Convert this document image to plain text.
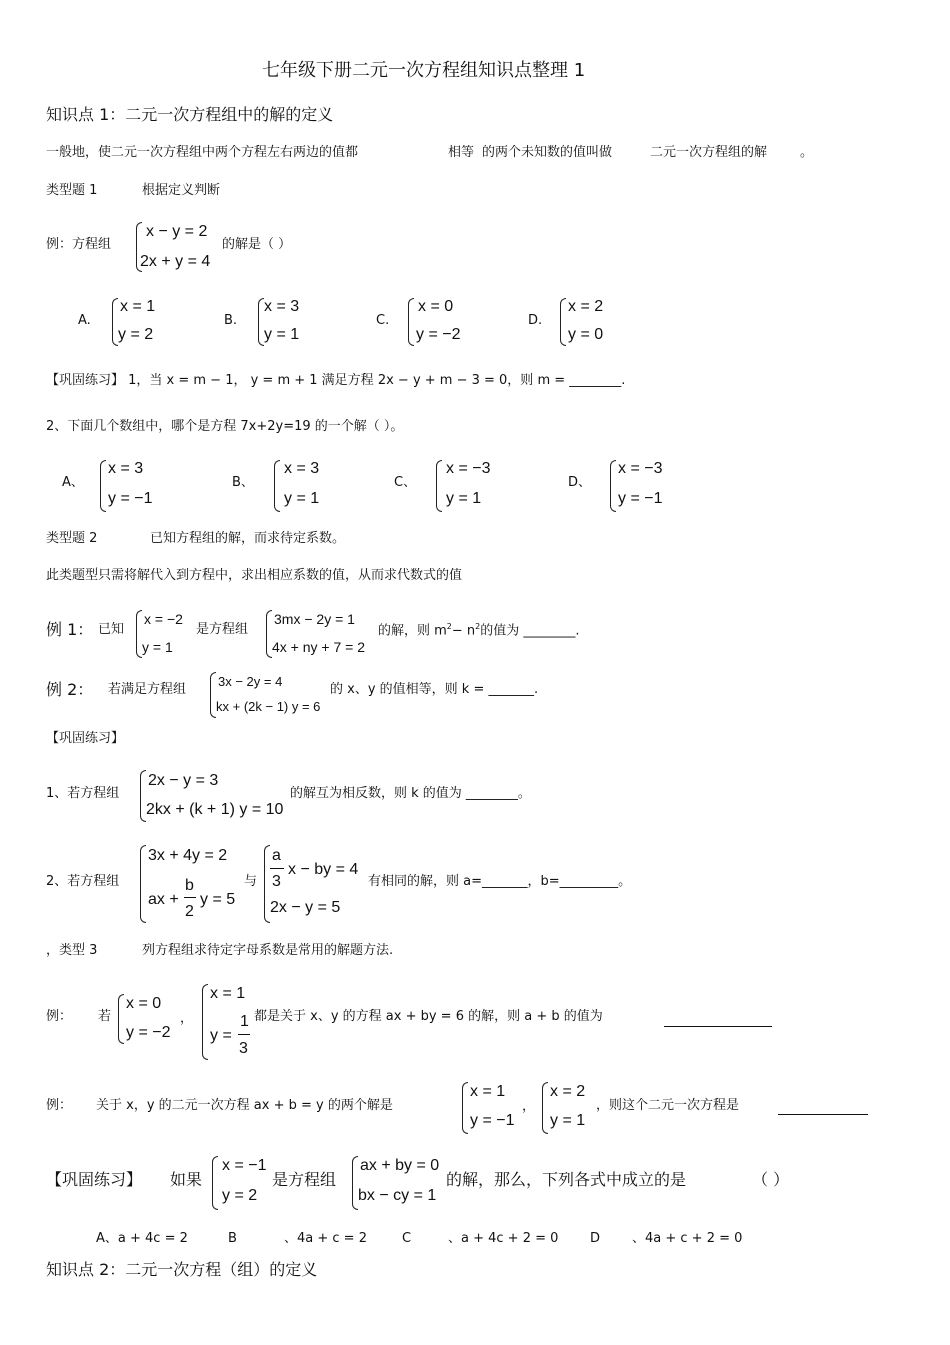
七年级下册二元一次方程组知识点整理 1
知识点 1：二元一次方程组中的解的定义
一般地，使二元一次方程组中两个方程左右两边的值都	相等 的两个未知数的值叫做	二元一次方程组的解	。
类型题 1	根据定义判断
例：方程组
x − y = 2
2x + y = 4
的解是（ ）
A.
x = 1
y = 2
B.
x = 3
y = 1
C.
x = 0
y = −2
D.
x = 2
y = 0
【巩固练习】 1，当 x = m − 1， y = m + 1 满足方程 2x − y + m − 3 = 0，则 m = ________.
2、下面几个数组中，哪个是方程 7x+2y=19 的一个解（ ）。
A、
x = 3
y = −1
B、
x = 3
y = 1
C、
x = −3
y = 1
D、
x = −3
y = −1
类型题 2	已知方程组的解，而求待定系数。
此类题型只需将解代入到方程中，求出相应系数的值，从而求代数式的值
例 1： 已知
x = −2
y = 1
是方程组
3mx − 2y = 1
4x + ny + 7 = 2
的解，则 $m^2- n^2$的值为 ________.
例 2： 若满足方程组
3x − 2y = 4
kx + (2k − 1) y = 6
的 x、y 的值相等，则 k = _______.
【巩固练习】
1、若方程组
2x − y = 3
2kx + (k + 1) y = 10
的解互为相反数，则 k 的值为 ________。
2、若方程组
3x + 4y = 2
ax +
b
2
y = 5
与
a
3
x − by = 4
2x − y = 5
有相同的解，则 a=_______，b=_________。
，类型 3	列方程组求待定字母系数是常用的解题方法.
例： 若
x = 0
y = −2
，
x = 1
y =
1
3
都是关于 x、y 的方程 ax + by = 6 的解，则 a + b 的值为
例： 关于 x，y 的二元一次方程 ax + b = y 的两个解是
x = 1
y = −1
，
x = 2
y = 1
，则这个二元一次方程是
【巩固练习】 如果
x = −1
y = 2
是方程组
ax + by = 0
bx − cy = 1
的解，那么，下列各式中成立的是	（ ）
A、a + 4c = 2	B	、4a + c = 2	C	、a + 4c + 2 = 0 D 、4a + c + 2 = 0
知识点 2：二元一次方程（组）的定义
